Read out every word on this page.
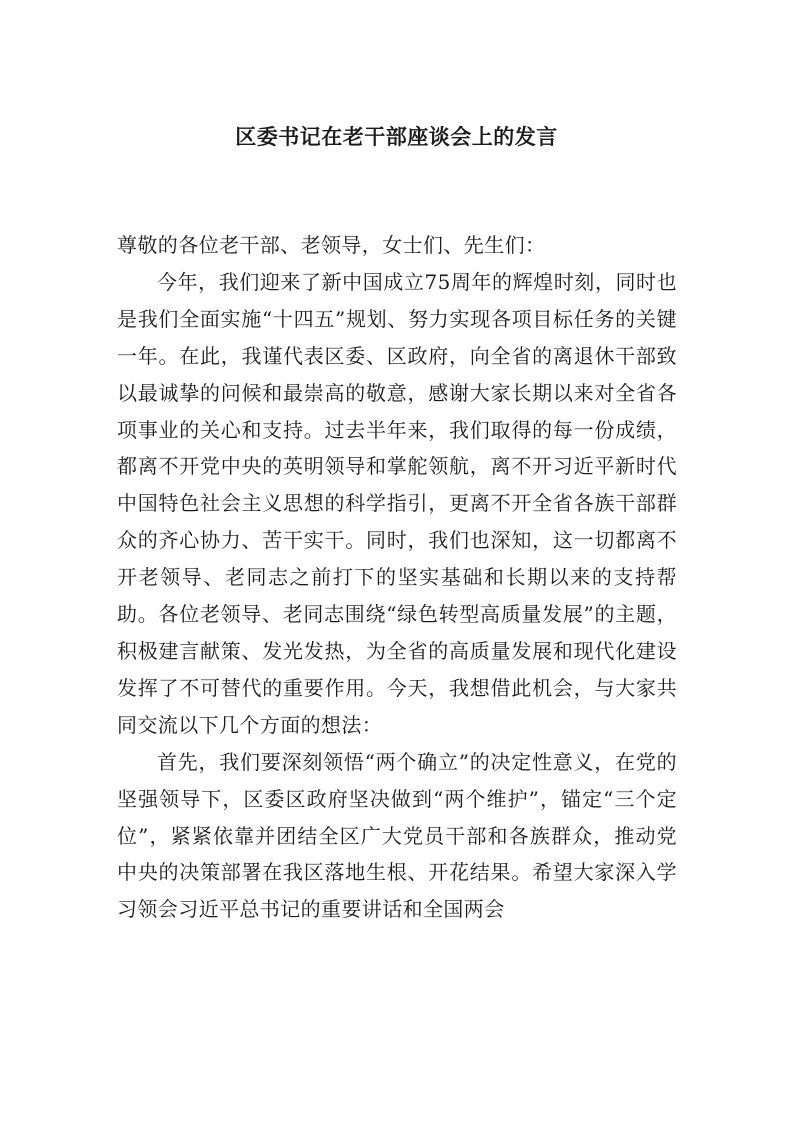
区委书记在老干部座谈会上的发言

尊敬的各位老干部、老领导，女士们、先生们：

今年，我们迎来了新中国成立75周年的辉煌时刻，同时也是我们全面实施“十四五”规划、努力实现各项目标任务的关键一年。在此，我谨代表区委、区政府，向全省的离退休干部致以最诚挚的问候和最崇高的敬意，感谢大家长期以来对全省各项事业的关心和支持。过去半年来，我们取得的每一份成绩，都离不开党中央的英明领导和掌舵领航，离不开习近平新时代中国特色社会主义思想的科学指引，更离不开全省各族干部群众的齐心协力、苦干实干。同时，我们也深知，这一切都离不开老领导、老同志之前打下的坚实基础和长期以来的支持帮助。各位老领导、老同志围绕“绿色转型高质量发展”的主题，积极建言献策、发光发热，为全省的高质量发展和现代化建设发挥了不可替代的重要作用。今天，我想借此机会，与大家共同交流以下几个方面的想法：

首先，我们要深刻领悟“两个确立”的决定性意义，在党的坚强领导下，区委区政府坚决做到“两个维护”，锚定“三个定位”，紧紧依靠并团结全区广大党员干部和各族群众，推动党中央的决策部署在我区落地生根、开花结果。希望大家深入学习领会习近平总书记的重要讲话和全国两会
